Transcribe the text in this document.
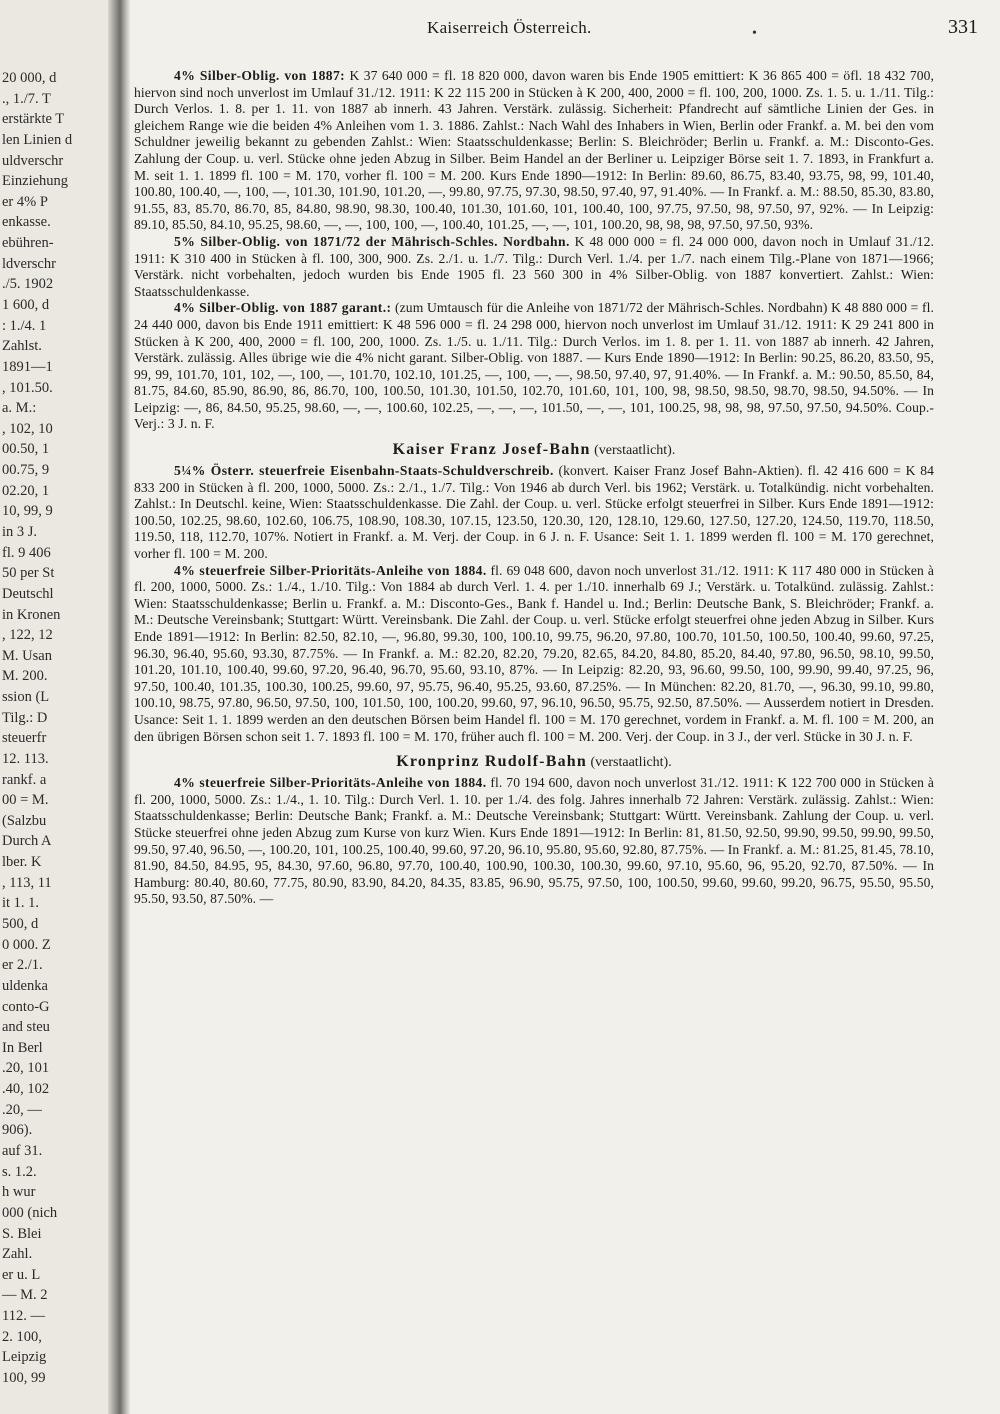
20 000, d
., 1./7. T
erstärkte T
len Linien d
uldverschr
Einziehung
er 4% P
enkasse.
ebühren-
ldverschr
./5. 1902
1 600, d
: 1./4. 1
Zahlst.
1891—1
, 101.50.
a. M.:
, 102, 10
00.50, 1
00.75, 9
02.20, 1
10, 99, 9
in 3 J.
fl. 9 406
50 per St
Deutschl
in Kronen
, 122, 12
M. Usan
M. 200.
ssion (L
Tilg.: D
steuerfr
12. 113.
rankf. a
00 = M.
(Salzbu
Durch A
lber. K
, 113, 11
it 1. 1.
500, d
0 000. Z
er 2./1.
uldenka
conto-G
and steu
In Berl
.20, 101
.40, 102
.20, —
906).
auf 31.
s. 1.2.
h wur
000 (nich
S. Blei
Zahl.
er u. L
— M. 2
112. —
2. 100,
Leipzig
100, 99
Kaiserreich Österreich.	331
•

4% Silber-Oblig. von 1887: K 37 640 000 = fl. 18 820 000, davon waren bis Ende 1905 emittiert: K 36 865 400 = öfl. 18 432 700, hiervon sind noch unverlost im Umlauf 31./12. 1911: K 22 115 200 in Stücken à K 200, 400, 2000 = fl. 100, 200, 1000. Zs. 1. 5. u. 1./11. Tilg.: Durch Verlos. 1. 8. per 1. 11. von 1887 ab innerh. 43 Jahren. Verstärk. zulässig. Sicherheit: Pfandrecht auf sämtliche Linien der Ges. in gleichem Range wie die beiden 4% Anleihen vom 1. 3. 1886. Zahlst.: Nach Wahl des Inhabers in Wien, Berlin oder Frankf. a. M. bei den vom Schuldner jeweilig bekannt zu gebenden Zahlst.: Wien: Staatsschuldenkasse; Berlin: S. Bleichröder; Berlin u. Frankf. a. M.: Disconto-Ges. Zahlung der Coup. u. verl. Stücke ohne jeden Abzug in Silber. Beim Handel an der Berliner u. Leipziger Börse seit 1. 7. 1893, in Frankfurt a. M. seit 1. 1. 1899 fl. 100 = M. 170, vorher fl. 100 = M. 200. Kurs Ende 1890—1912: In Berlin: 89.60, 86.75, 83.40, 93.75, 98, 99, 101.40, 100.80, 100.40, —, 100, —, 101.30, 101.90, 101.20, —, 99.80, 97.75, 97.30, 98.50, 97.40, 97, 91.40%. — In Frankf. a. M.: 88.50, 85.30, 83.80, 91.55, 83, 85.70, 86.70, 85, 84.80, 98.90, 98.30, 100.40, 101.30, 101.60, 101, 100.40, 100, 97.75, 97.50, 98, 97.50, 97, 92%. — In Leipzig: 89.10, 85.50, 84.10, 95.25, 98.60, —, —, 100, 100, —, 100.40, 101.25, —, —, 101, 100.20, 98, 98, 98, 97.50, 97.50, 93%.

5% Silber-Oblig. von 1871/72 der Mährisch-Schles. Nordbahn. K 48 000 000 = fl. 24 000 000, davon noch in Umlauf 31./12. 1911: K 310 400 in Stücken à fl. 100, 300, 900. Zs. 2./1. u. 1./7. Tilg.: Durch Verl. 1./4. per 1./7. nach einem Tilg.-Plane von 1871—1966; Verstärk. nicht vorbehalten, jedoch wurden bis Ende 1905 fl. 23 560 300 in 4% Silber-Oblig. von 1887 konvertiert. Zahlst.: Wien: Staatsschuldenkasse.

4% Silber-Oblig. von 1887 garant.: (zum Umtausch für die Anleihe von 1871/72 der Mährisch-Schles. Nordbahn) K 48 880 000 = fl. 24 440 000, davon bis Ende 1911 emittiert: K 48 596 000 = fl. 24 298 000, hiervon noch unverlost im Umlauf 31./12. 1911: K 29 241 800 in Stücken à K 200, 400, 2000 = fl. 100, 200, 1000. Zs. 1./5. u. 1./11. Tilg.: Durch Verlos. im 1. 8. per 1. 11. von 1887 ab innerh. 42 Jahren, Verstärk. zulässig. Alles übrige wie die 4% nicht garant. Silber-Oblig. von 1887. — Kurs Ende 1890—1912: In Berlin: 90.25, 86.20, 83.50, 95, 99, 99, 101.70, 101, 102, —, 100, —, 101.70, 102.10, 101.25, —, 100, —, —, 98.50, 97.40, 97, 91.40%. — In Frankf. a. M.: 90.50, 85.50, 84, 81.75, 84.60, 85.90, 86.90, 86, 86.70, 100, 100.50, 101.30, 101.50, 102.70, 101.60, 101, 100, 98, 98.50, 98.50, 98.70, 98.50, 94.50%. — In Leipzig: —, 86, 84.50, 95.25, 98.60, —, —, 100.60, 102.25, —, —, —, 101.50, —, —, 101, 100.25, 98, 98, 98, 97.50, 97.50, 94.50%. Coup.-Verj.: 3 J. n. F.

Kaiser Franz Josef-Bahn (verstaatlicht).

5¼% Österr. steuerfreie Eisenbahn-Staats-Schuldverschreib. (konvert. Kaiser Franz Josef Bahn-Aktien). fl. 42 416 600 = K 84 833 200 in Stücken à fl. 200, 1000, 5000. Zs.: 2./1., 1./7. Tilg.: Von 1946 ab durch Verl. bis 1962; Verstärk. u. Totalkündig. nicht vorbehalten. Zahlst.: In Deutschl. keine, Wien: Staatsschuldenkasse. Die Zahl. der Coup. u. verl. Stücke erfolgt steuerfrei in Silber. Kurs Ende 1891—1912: 100.50, 102.25, 98.60, 102.60, 106.75, 108.90, 108.30, 107.15, 123.50, 120.30, 120, 128.10, 129.60, 127.50, 127.20, 124.50, 119.70, 118.50, 119.50, 118, 112.70, 107%. Notiert in Frankf. a. M. Verj. der Coup. in 6 J. n. F. Usance: Seit 1. 1. 1899 werden fl. 100 = M. 170 gerechnet, vorher fl. 100 = M. 200.

4% steuerfreie Silber-Prioritäts-Anleihe von 1884. fl. 69 048 600, davon noch unverlost 31./12. 1911: K 117 480 000 in Stücken à fl. 200, 1000, 5000. Zs.: 1./4., 1./10. Tilg.: Von 1884 ab durch Verl. 1. 4. per 1./10. innerhalb 69 J.; Verstärk. u. Totalkünd. zulässig. Zahlst.: Wien: Staatsschuldenkasse; Berlin u. Frankf. a. M.: Disconto-Ges., Bank f. Handel u. Ind.; Berlin: Deutsche Bank, S. Bleichröder; Frankf. a. M.: Deutsche Vereinsbank; Stuttgart: Württ. Vereinsbank. Die Zahl. der Coup. u. verl. Stücke erfolgt steuerfrei ohne jeden Abzug in Silber. Kurs Ende 1891—1912: In Berlin: 82.50, 82.10, —, 96.80, 99.30, 100, 100.10, 99.75, 96.20, 97.80, 100.70, 101.50, 100.50, 100.40, 99.60, 97.25, 96.30, 96.40, 95.60, 93.30, 87.75%. — In Frankf. a. M.: 82.20, 82.20, 79.20, 82.65, 84.20, 84.80, 85.20, 84.40, 97.80, 96.50, 98.10, 99.50, 101.20, 101.10, 100.40, 99.60, 97.20, 96.40, 96.70, 95.60, 93.10, 87%. — In Leipzig: 82.20, 93, 96.60, 99.50, 100, 99.90, 99.40, 97.25, 96, 97.50, 100.40, 101.35, 100.30, 100.25, 99.60, 97, 95.75, 96.40, 95.25, 93.60, 87.25%. — In München: 82.20, 81.70, —, 96.30, 99.10, 99.80, 100.10, 98.75, 97.80, 96.50, 97.50, 100, 101.50, 100, 100.20, 99.60, 97, 96.10, 96.50, 95.75, 92.50, 87.50%. — Ausserdem notiert in Dresden. Usance: Seit 1. 1. 1899 werden an den deutschen Börsen beim Handel fl. 100 = M. 170 gerechnet, vordem in Frankf. a. M. fl. 100 = M. 200, an den übrigen Börsen schon seit 1. 7. 1893 fl. 100 = M. 170, früher auch fl. 100 = M. 200. Verj. der Coup. in 3 J., der verl. Stücke in 30 J. n. F.

Kronprinz Rudolf-Bahn (verstaatlicht).

4% steuerfreie Silber-Prioritäts-Anleihe von 1884. fl. 70 194 600, davon noch unverlost 31./12. 1911: K 122 700 000 in Stücken à fl. 200, 1000, 5000. Zs.: 1./4., 1. 10. Tilg.: Durch Verl. 1. 10. per 1./4. des folg. Jahres innerhalb 72 Jahren: Verstärk. zulässig. Zahlst.: Wien: Staatsschuldenkasse; Berlin: Deutsche Bank; Frankf. a. M.: Deutsche Vereinsbank; Stuttgart: Württ. Vereinsbank. Zahlung der Coup. u. verl. Stücke steuerfrei ohne jeden Abzug zum Kurse von kurz Wien. Kurs Ende 1891—1912: In Berlin: 81, 81.50, 92.50, 99.90, 99.50, 99.90, 99.50, 99.50, 97.40, 96.50, —, 100.20, 101, 100.25, 100.40, 99.60, 97.20, 96.10, 95.80, 95.60, 92.80, 87.75%. — In Frankf. a. M.: 81.25, 81.45, 78.10, 81.90, 84.50, 84.95, 95, 84.30, 97.60, 96.80, 97.70, 100.40, 100.90, 100.30, 100.30, 99.60, 97.10, 95.60, 96, 95.20, 92.70, 87.50%. — In Hamburg: 80.40, 80.60, 77.75, 80.90, 83.90, 84.20, 84.35, 83.85, 96.90, 95.75, 97.50, 100, 100.50, 99.60, 99.60, 99.20, 96.75, 95.50, 95.50, 95.50, 93.50, 87.50%. —
